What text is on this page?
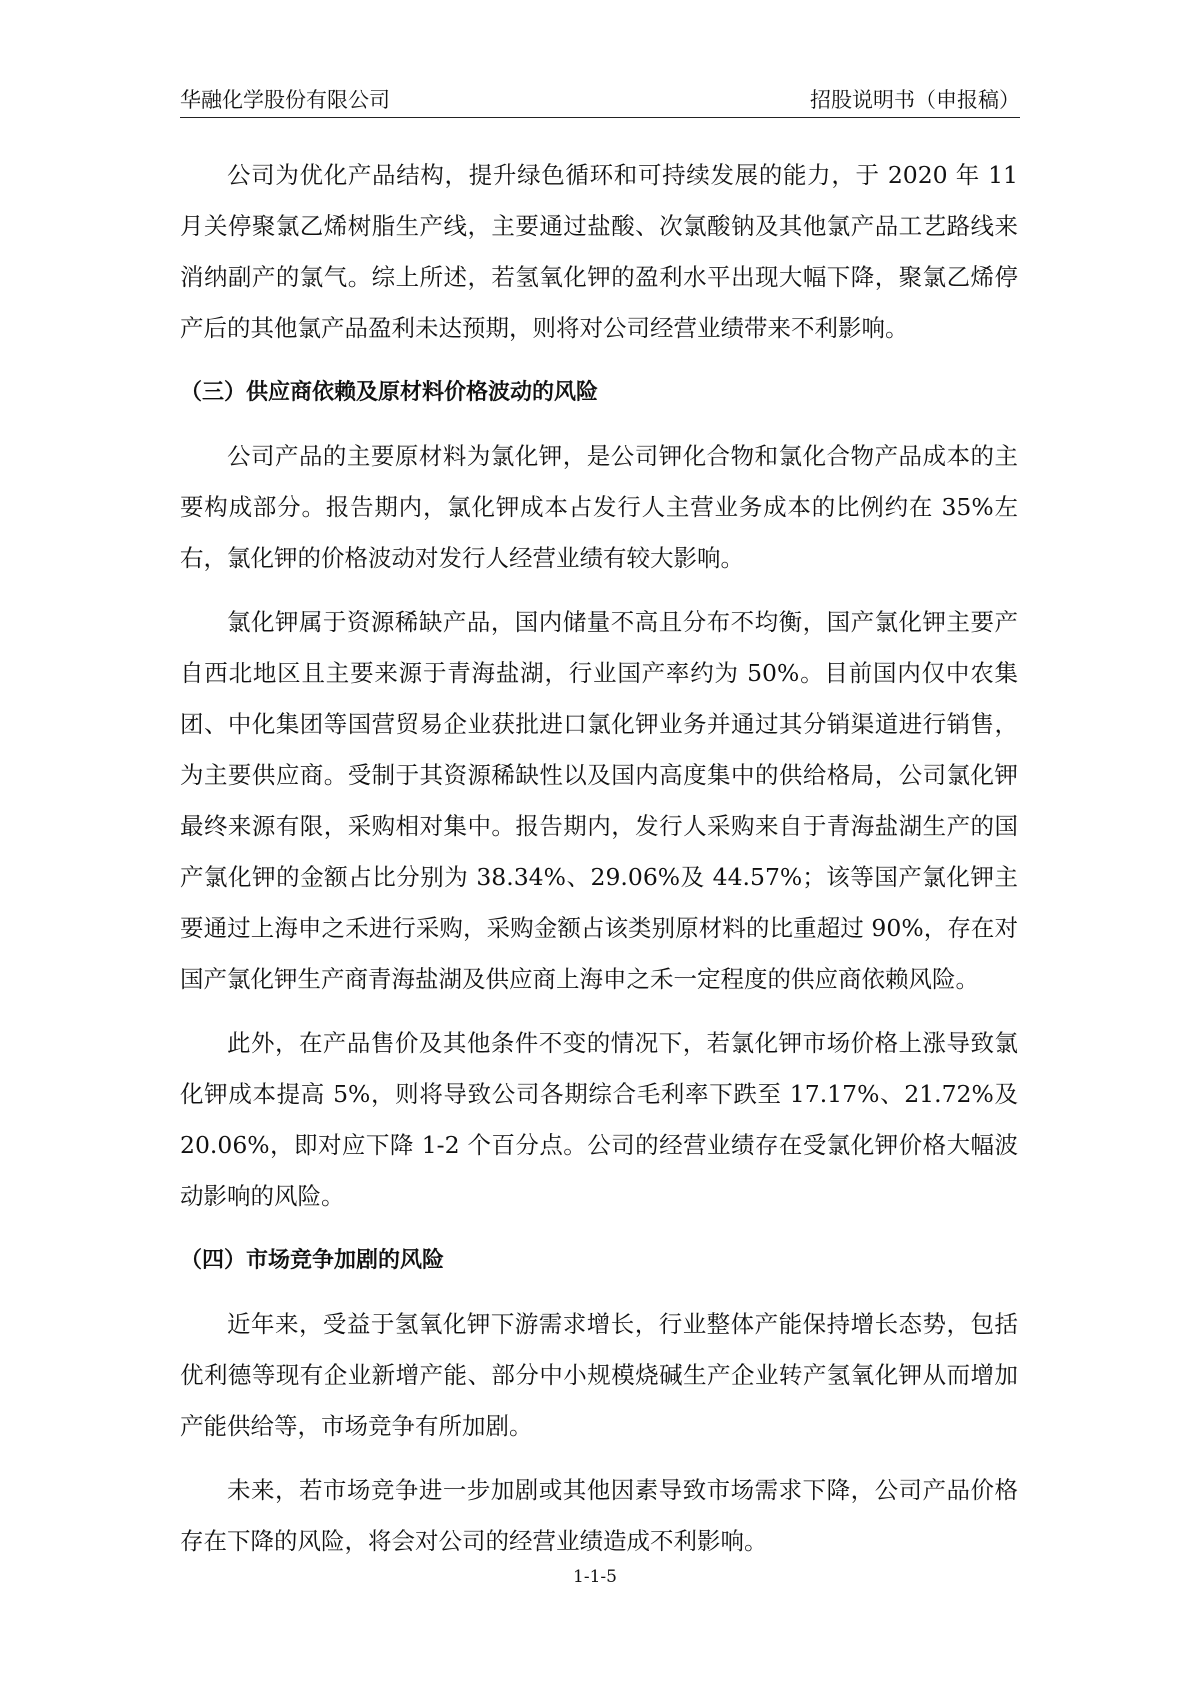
华融化学股份有限公司	招股说明书（申报稿）

公司为优化产品结构，提升绿色循环和可持续发展的能力，于 2020 年 11 月关停聚氯乙烯树脂生产线，主要通过盐酸、次氯酸钠及其他氯产品工艺路线来消纳副产的氯气。综上所述，若氢氧化钾的盈利水平出现大幅下降，聚氯乙烯停产后的其他氯产品盈利未达预期，则将对公司经营业绩带来不利影响。

（三）供应商依赖及原材料价格波动的风险

公司产品的主要原材料为氯化钾，是公司钾化合物和氯化合物产品成本的主要构成部分。报告期内，氯化钾成本占发行人主营业务成本的比例约在 35%左右，氯化钾的价格波动对发行人经营业绩有较大影响。

氯化钾属于资源稀缺产品，国内储量不高且分布不均衡，国产氯化钾主要产自西北地区且主要来源于青海盐湖，行业国产率约为 50%。目前国内仅中农集团、中化集团等国营贸易企业获批进口氯化钾业务并通过其分销渠道进行销售，为主要供应商。受制于其资源稀缺性以及国内高度集中的供给格局，公司氯化钾最终来源有限，采购相对集中。报告期内，发行人采购来自于青海盐湖生产的国产氯化钾的金额占比分别为 38.34%、29.06%及 44.57%；该等国产氯化钾主要通过上海申之禾进行采购，采购金额占该类别原材料的比重超过 90%，存在对国产氯化钾生产商青海盐湖及供应商上海申之禾一定程度的供应商依赖风险。

此外，在产品售价及其他条件不变的情况下，若氯化钾市场价格上涨导致氯化钾成本提高 5%，则将导致公司各期综合毛利率下跌至 17.17%、21.72%及 20.06%，即对应下降 1-2 个百分点。公司的经营业绩存在受氯化钾价格大幅波动影响的风险。

（四）市场竞争加剧的风险

近年来，受益于氢氧化钾下游需求增长，行业整体产能保持增长态势，包括优利德等现有企业新增产能、部分中小规模烧碱生产企业转产氢氧化钾从而增加产能供给等，市场竞争有所加剧。

未来，若市场竞争进一步加剧或其他因素导致市场需求下降，公司产品价格存在下降的风险，将会对公司的经营业绩造成不利影响。

1-1-5
